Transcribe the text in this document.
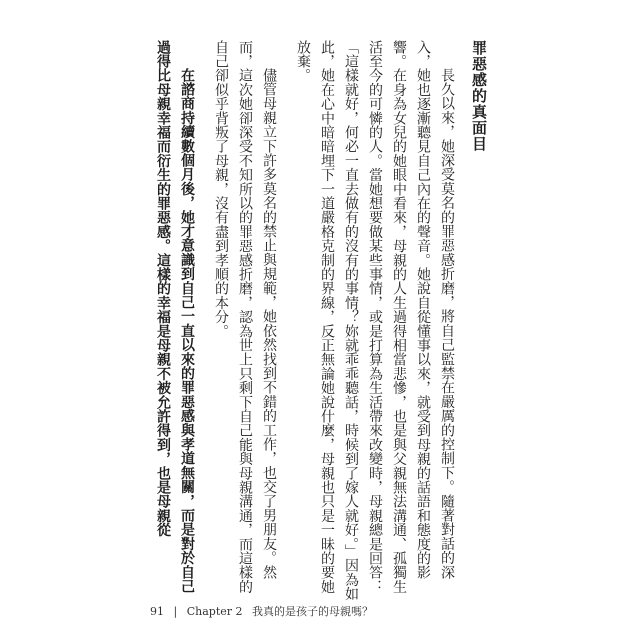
罪惡感的真面目

長久以來，她深受莫名的罪惡感折磨，將自己監禁在嚴厲的控制下。隨著對話的深入，她也逐漸聽見自己內在的聲音。她說自從懂事以來，就受到母親的話語和態度的影響。在身為女兒的她眼中看來，母親的人生過得相當悲慘，也是與父親無法溝通、孤獨生活至今的可憐的人。當她想要做某些事情，或是打算為生活帶來改變時，母親總是回答：「這樣就好，何必一直去做有的沒有的事情？妳就乖乖聽話，時候到了嫁人就好。」因為如此，她在心中暗暗埋下一道嚴格克制的界線，反正無論她說什麼，母親也只是一昧的要她放棄。

儘管母親立下許多莫名的禁止與規範，她依然找到不錯的工作，也交了男朋友。然而，這次她卻深受不知所以的罪惡感折磨，認為世上只剩下自己能與母親溝通，而這樣的自己卻似乎背叛了母親，沒有盡到孝順的本分。

在諮商持續數個月後，她才意識到自己一直以來的罪惡感與孝道無關，而是對於自己過得比母親幸福而衍生的罪惡感。這樣的幸福是母親不被允許得到，也是母親從

91 | Chapter 2 我真的是孩子的母親嗎？
